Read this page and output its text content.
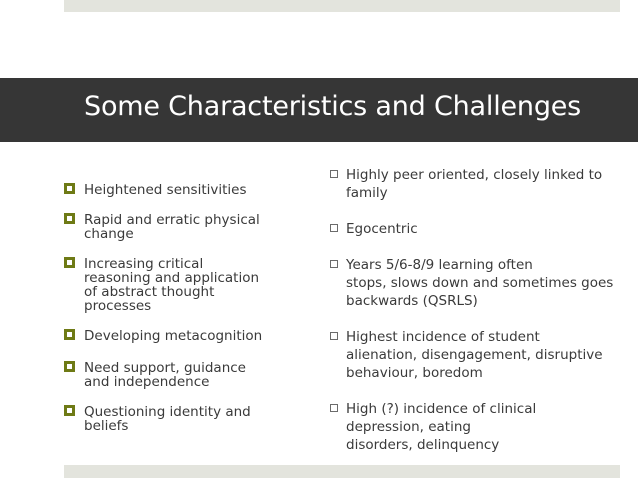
Some Characteristics and Challenges
Heightened sensitivities
Rapid and erratic physical
change
Increasing critical
reasoning and application
of abstract thought
processes
Developing metacognition
Need support, guidance
and independence
Questioning identity and
beliefs
Highly peer oriented, closely linked to
family
Egocentric
Years 5/6-8/9 learning often
stops, slows down and sometimes goes
backwards (QSRLS)
Highest incidence of student
alienation, disengagement, disruptive
behaviour, boredom
High (?) incidence of clinical
depression, eating
disorders, delinquency
